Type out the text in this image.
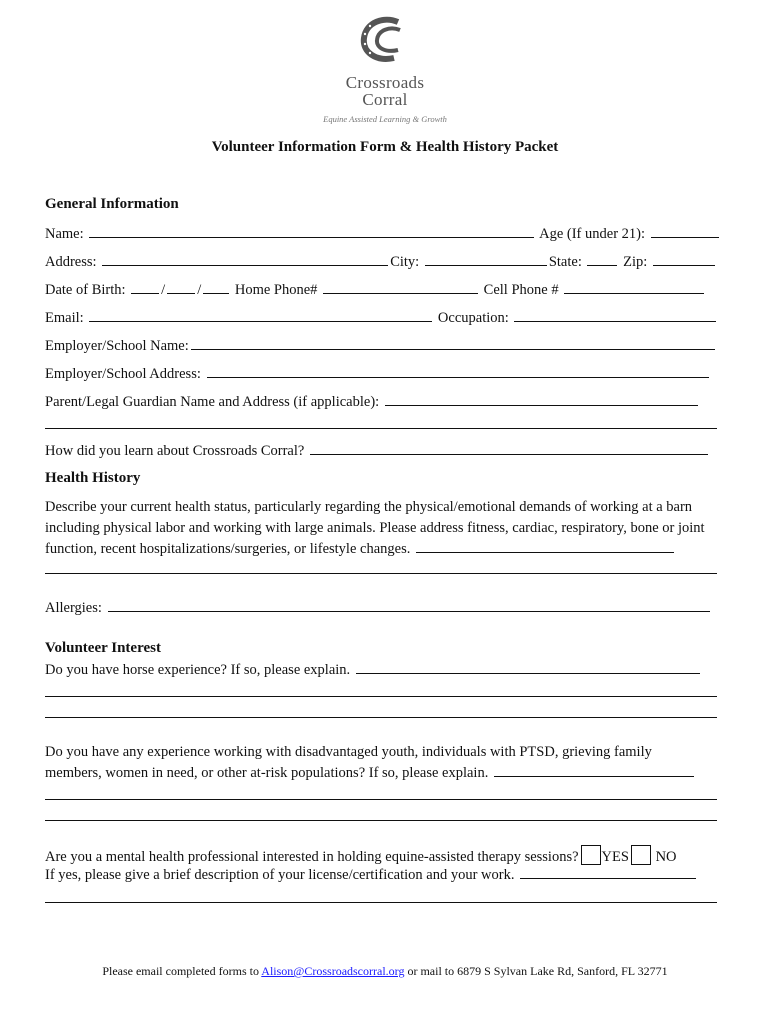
Crossroads
Corral
Equine Assisted Learning & Growth
Volunteer Information Form & Health History Packet
General Information
Name:	Age (If under 21):
Address:	City:	State:	Zip:
Date of Birth: / / Home Phone#	Cell Phone #
Email:	Occupation:
Employer/School Name:
Employer/School Address:
Parent/Legal Guardian Name and Address (if applicable):
How did you learn about Crossroads Corral?
Health History
Describe your current health status, particularly regarding the physical/emotional demands of working at a barn including physical labor and working with large animals. Please address fitness, cardiac, respiratory, bone or joint function, recent hospitalizations/surgeries, or lifestyle changes.
Allergies:
Volunteer Interest
Do you have horse experience? If so, please explain.
Do you have any experience working with disadvantaged youth, individuals with PTSD, grieving family
members, women in need, or other at-risk populations? If so, please explain.
Are you a mental health professional interested in holding equine-assisted therapy sessions? YES NO
If yes, please give a brief description of your license/certification and your work.
Please email completed forms to Alison@Crossroadscorral.org or mail to 6879 S Sylvan Lake Rd, Sanford, FL 32771
